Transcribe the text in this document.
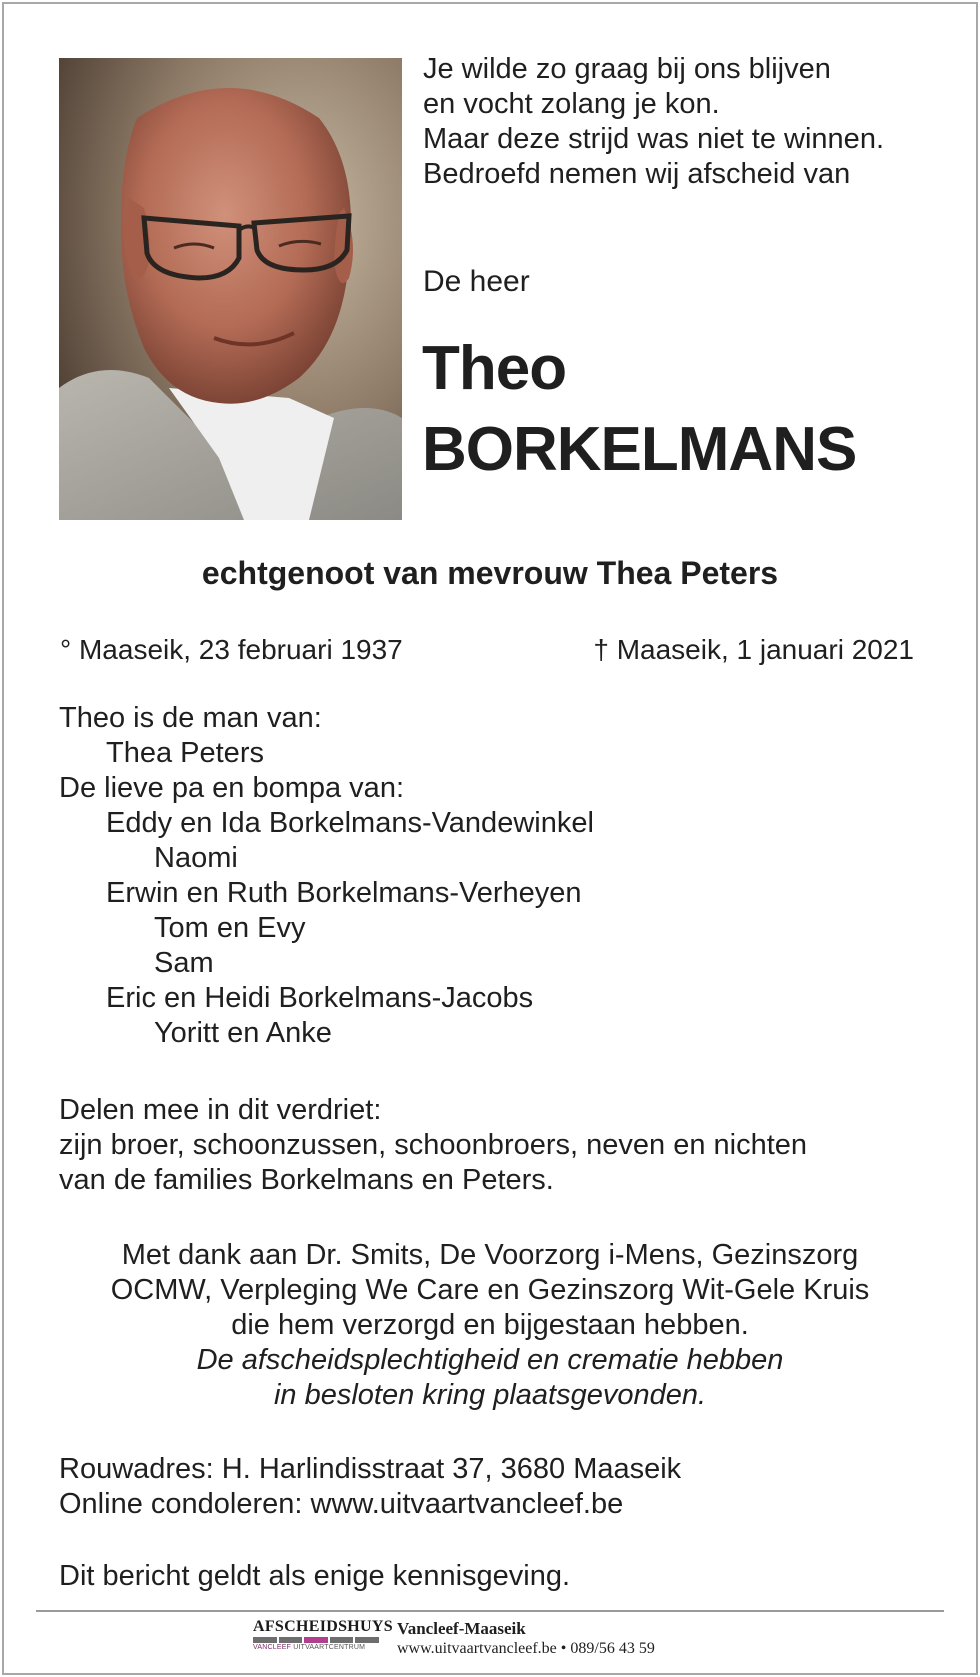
Je wilde zo graag bij ons blijven
en vocht zolang je kon.
Maar deze strijd was niet te winnen.
Bedroefd nemen wij afscheid van
De heer
Theo
BORKELMANS
echtgenoot van mevrouw Thea Peters
° Maaseik, 23 februari 1937	† Maaseik, 1 januari 2021
Theo is de man van:
Thea Peters
De lieve pa en bompa van:
Eddy en Ida Borkelmans-Vandewinkel
Naomi
Erwin en Ruth Borkelmans-Verheyen
Tom en Evy
Sam
Eric en Heidi Borkelmans-Jacobs
Yoritt en Anke
Delen mee in dit verdriet:
zijn broer, schoonzussen, schoonbroers, neven en nichten
van de families Borkelmans en Peters.
Met dank aan Dr. Smits, De Voorzorg i-Mens, Gezinszorg
OCMW, Verpleging We Care en Gezinszorg Wit-Gele Kruis
die hem verzorgd en bijgestaan hebben.
De afscheidsplechtigheid en crematie hebben
in besloten kring plaatsgevonden.
Rouwadres: H. Harlindisstraat 37, 3680 Maaseik
Online condoleren: www.uitvaartvancleef.be
Dit bericht geldt als enige kennisgeving.
AFSCHEIDSHUYS
VANCLEEF UITVAARTCENTRUM
Vancleef-Maaseik
www.uitvaartvancleef.be • 089/56 43 59
